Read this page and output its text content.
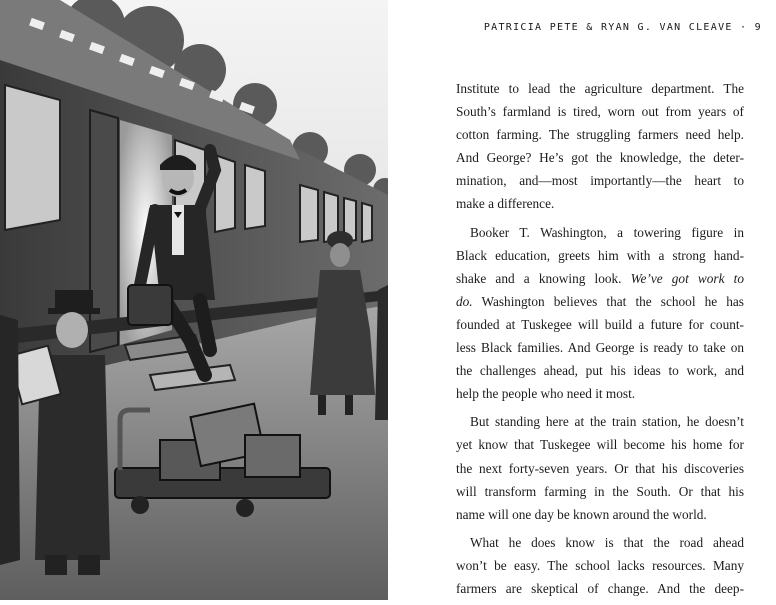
PATRICIA PETE & RYAN G. VAN CLEAVE · 9
Institute to lead the agriculture department. The
South’s farmland is tired, worn out from years of
cotton farming. The struggling farmers need help.
And George? He’s got the knowledge, the deter-
mination, and—most importantly—the heart to
make a difference.
Booker T. Washington, a towering figure in
Black education, greets him with a strong hand-
shake and a knowing look. We’ve got work to
do. Washington believes that the school he has
founded at Tuskegee will build a future for count-
less Black families. And George is ready to take on
the challenges ahead, put his ideas to work, and
help the people who need it most.
But standing here at the train station, he doesn’t
yet know that Tuskegee will become his home for
the next forty-seven years. Or that his discoveries
will transform farming in the South. Or that his
name will one day be known around the world.
What he does know is that the road ahead
won’t be easy. The school lacks resources. Many
farmers are skeptical of change. And the deep-
